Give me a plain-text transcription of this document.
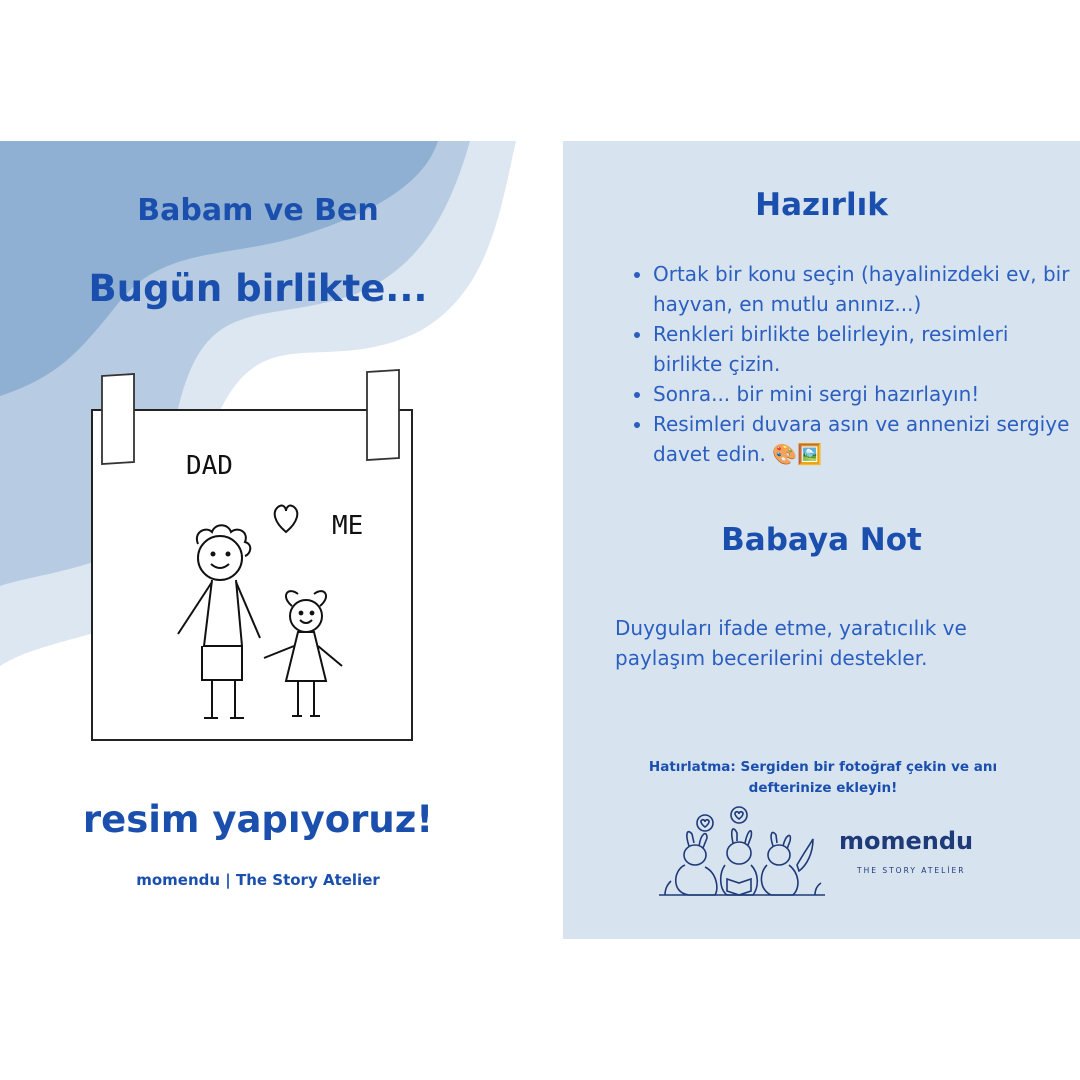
Babam ve Ben
Bugün birlikte...
DAD
ME
resim yapıyoruz!
momendu | The Story Atelier
Hazırlık
• Ortak bir konu seçin (hayalinizdeki ev, bir hayvan, en mutlu anınız...)
• Renkleri birlikte belirleyin, resimleri birlikte çizin.
• Sonra... bir mini sergi hazırlayın!
• Resimleri duvara asın ve annenizi sergiye davet edin. 🎨🖼️
Babaya Not
Duyguları ifade etme, yaratıcılık ve paylaşım becerilerini destekler.
Hatırlatma: Sergiden bir fotoğraf çekin ve anı defterinize ekleyin!
momendu
THE STORY ATELİER
